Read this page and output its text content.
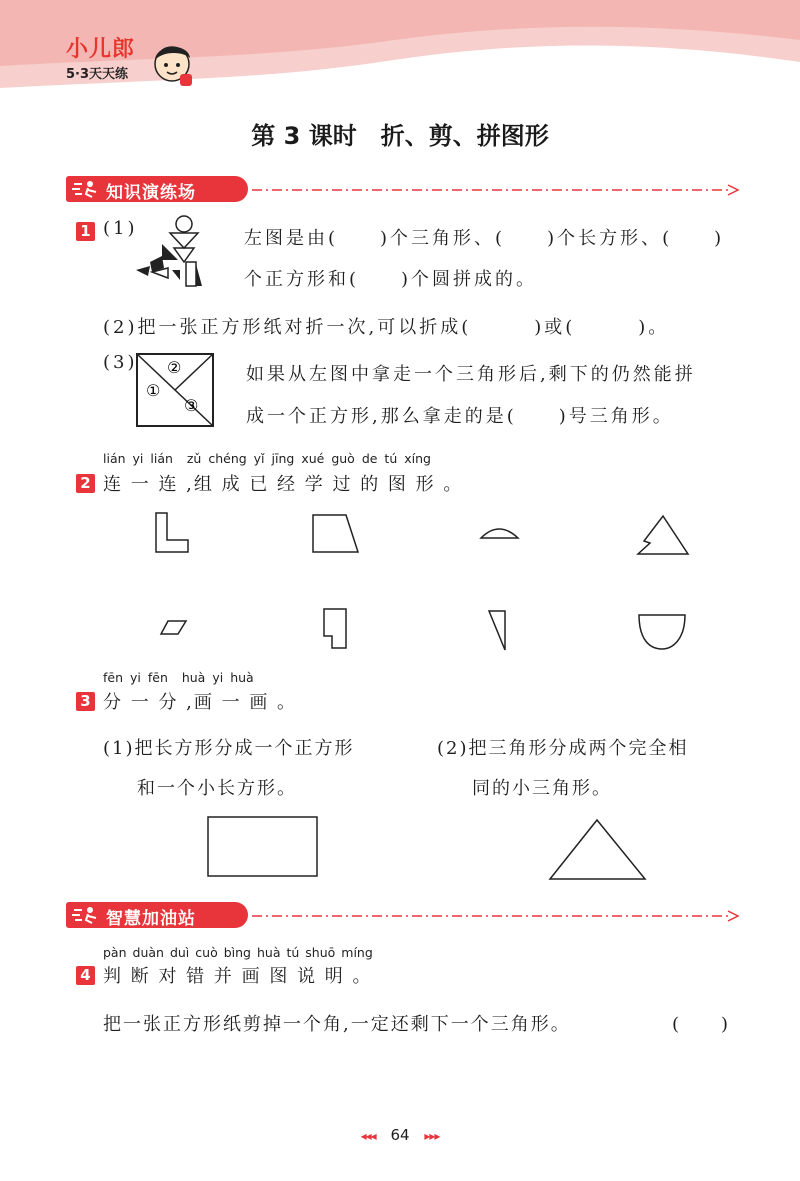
小儿郎
5·3天天练
第 3 课时　折、剪、拼图形
知识演练场
1 (1)	左图是由(　　)个三角形、(　　)个长方形、(　　)
个正方形和(　　)个圆拼成的。
(2)把一张正方形纸对折一次,可以折成(　　　)或(　　　)。
(3)
①
②
③
如果从左图中拿走一个三角形后,剩下的仍然能拼
成一个正方形,那么拿走的是(　　)号三角形。
lián yi lián zǔ chéng yǐ jīng xué guò de tú xíng
2 连 一 连 ,组 成 已 经 学 过 的 图 形 。
fēn yi fēn huà yi huà
3 分 一 分 ,画 一 画 。
(1)把长方形分成一个正方形
和一个小长方形。
(2)把三角形分成两个完全相
同的小三角形。
智慧加油站
pàn duàn duì cuò bìng huà tú shuō míng
4 判 断 对 错 并 画 图 说 明 。
把一张正方形纸剪掉一个角,一定还剩下一个三角形。	(　　)
◂◂◂ 64 ▸▸▸
